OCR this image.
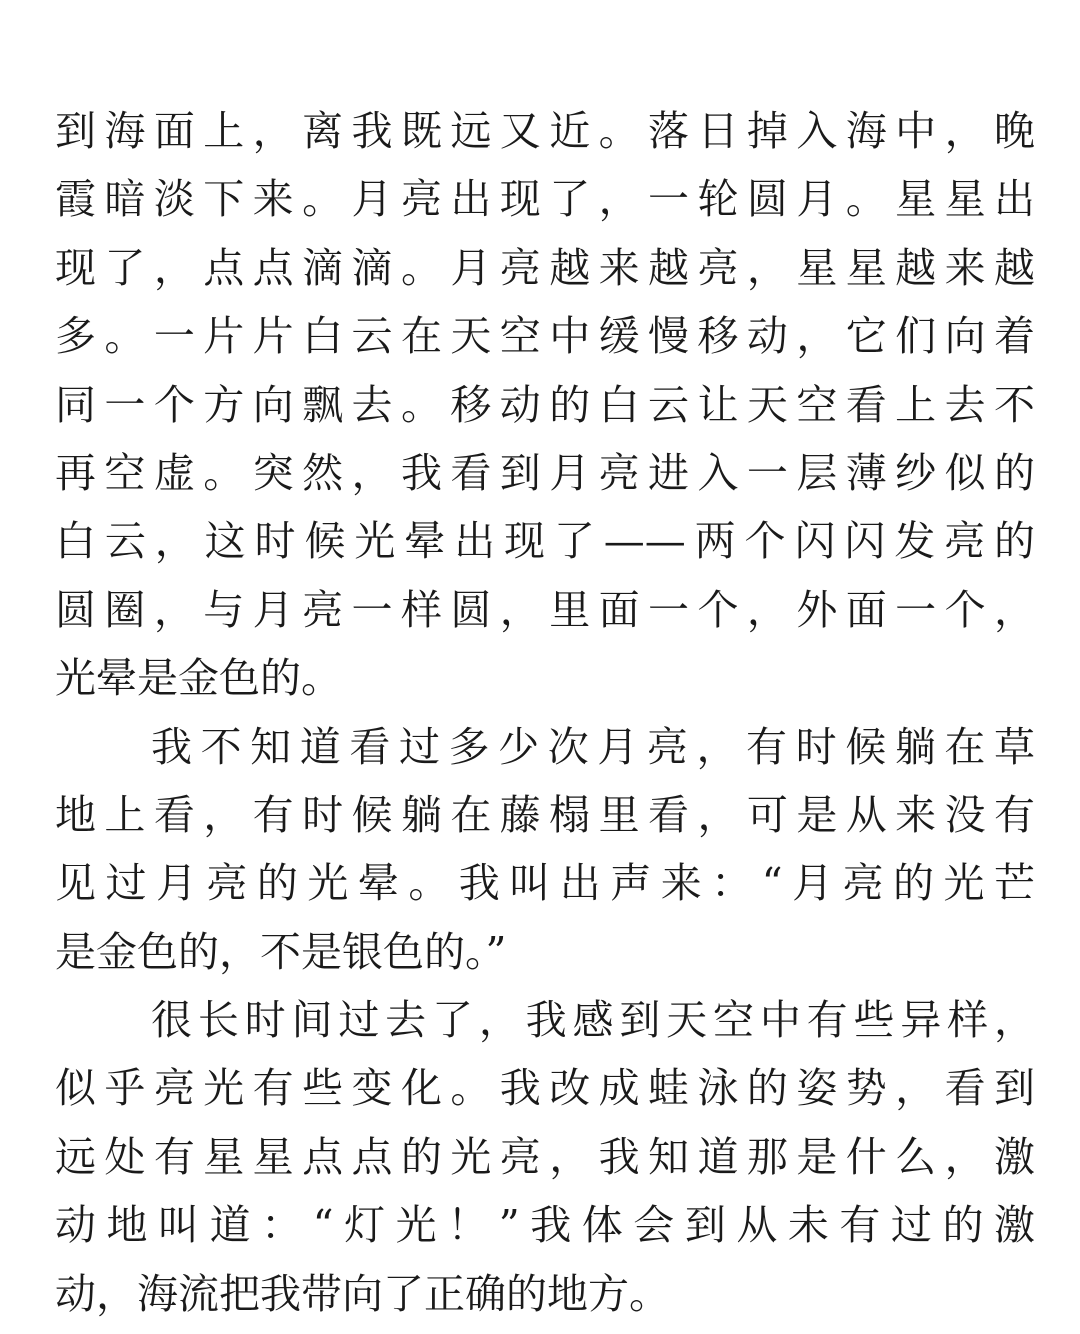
到海面上，离我既远又近。落日掉入海中，晚
霞暗淡下来。月亮出现了，一轮圆月。星星出
现了，点点滴滴。月亮越来越亮，星星越来越
多。一片片白云在天空中缓慢移动，它们向着
同一个方向飘去。移动的白云让天空看上去不
再空虚。突然，我看到月亮进入一层薄纱似的
白云，这时候光晕出现了——两个闪闪发亮的
圆圈，与月亮一样圆，里面一个，外面一个，
光晕是金色的。
我不知道看过多少次月亮，有时候躺在草
地上看，有时候躺在藤榻里看，可是从来没有
见过月亮的光晕。我叫出声来：“月亮的光芒
是金色的，不是银色的。”
很长时间过去了，我感到天空中有些异样，
似乎亮光有些变化。我改成蛙泳的姿势，看到
远处有星星点点的光亮，我知道那是什么，激
动地叫道：“灯光！”我体会到从未有过的激
动，海流把我带向了正确的地方。
